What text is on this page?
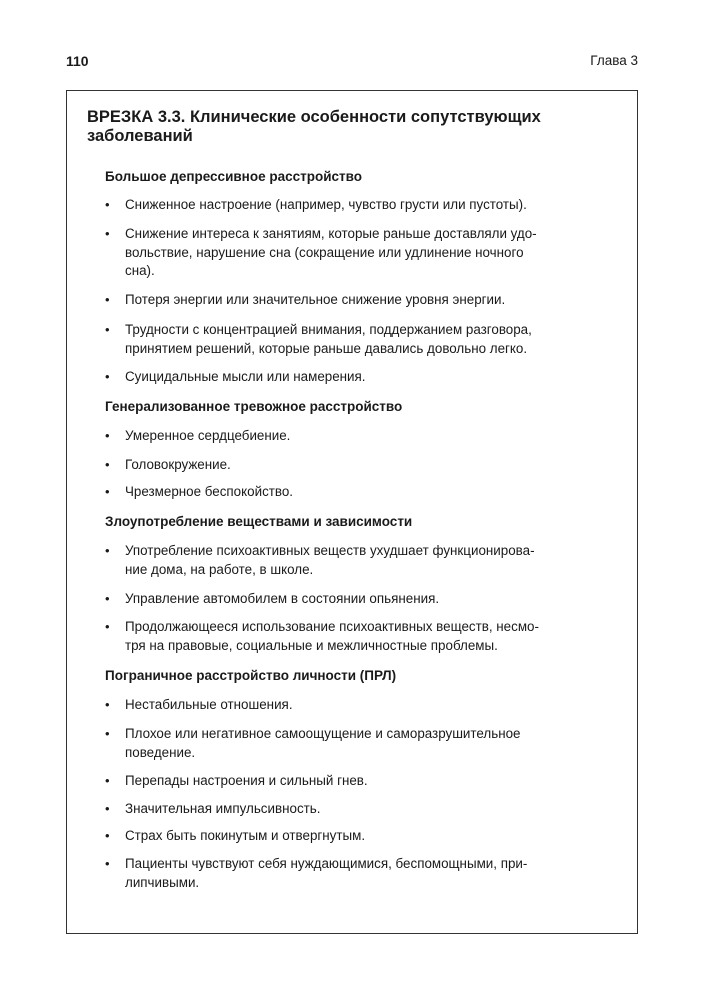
110	Глава 3
ВРЕЗКА 3.3. Клинические особенности сопутствующих
заболеваний
Большое депрессивное расстройство
• Сниженное настроение (например, чувство грусти или пустоты).
• Снижение интереса к занятиям, которые раньше доставляли удо-
вольствие, нарушение сна (сокращение или удлинение ночного
сна).
• Потеря энергии или значительное снижение уровня энергии.
• Трудности с концентрацией внимания, поддержанием разговора,
принятием решений, которые раньше давались довольно легко.
• Суицидальные мысли или намерения.
Генерализованное тревожное расстройство
• Умеренное сердцебиение.
• Головокружение.
• Чрезмерное беспокойство.
Злоупотребление веществами и зависимости
• Употребление психоактивных веществ ухудшает функционирова-
ние дома, на работе, в школе.
• Управление автомобилем в состоянии опьянения.
• Продолжающееся использование психоактивных веществ, несмо-
тря на правовые, социальные и межличностные проблемы.
Пограничное расстройство личности (ПРЛ)
• Нестабильные отношения.
• Плохое или негативное самоощущение и саморазрушительное
поведение.
• Перепады настроения и сильный гнев.
• Значительная импульсивность.
• Страх быть покинутым и отвергнутым.
• Пациенты чувствуют себя нуждающимися, беспомощными, при-
липчивыми.
